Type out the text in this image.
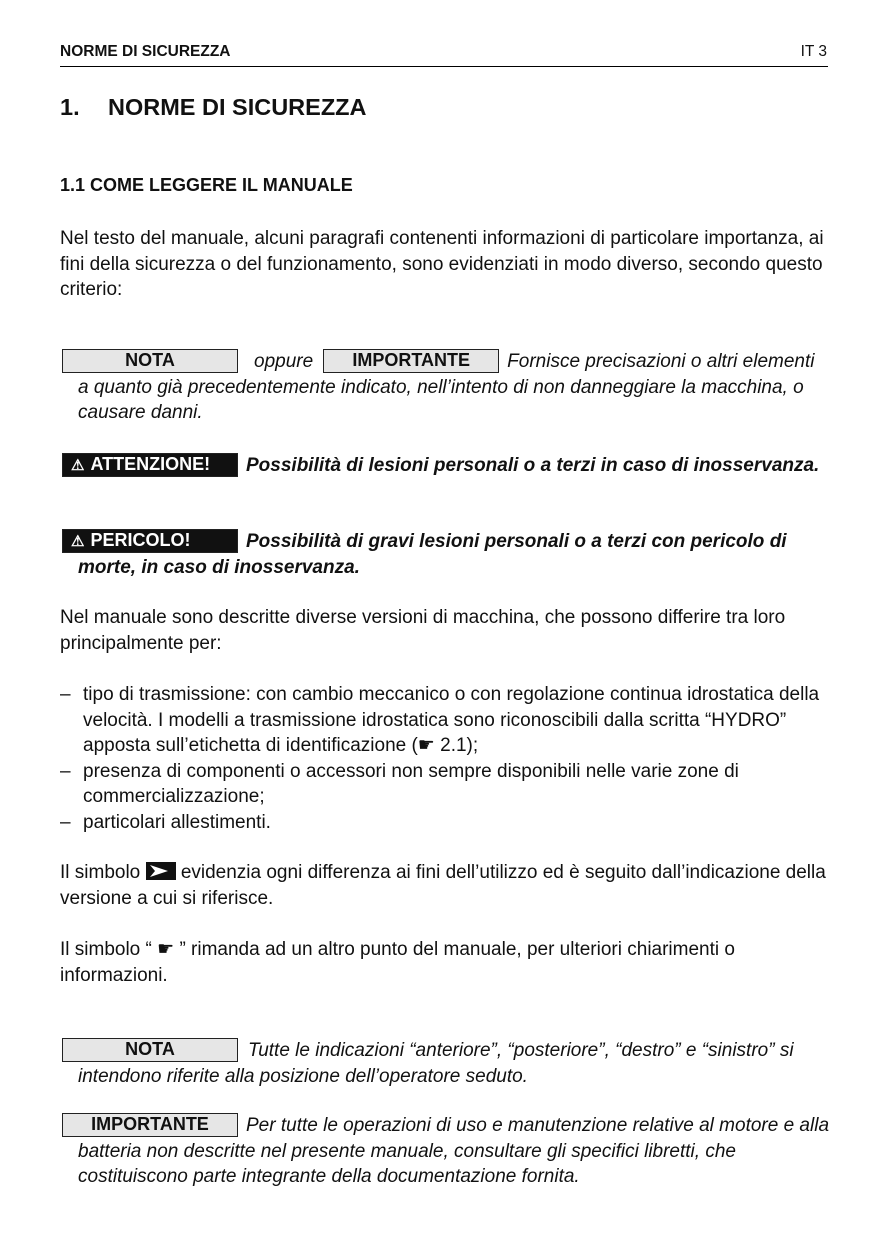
NORME DI SICUREZZA	IT 3
1. NORME DI SICUREZZA
1.1 COME LEGGERE IL MANUALE

Nel testo del manuale, alcuni paragrafi contenenti informazioni di particolare importanza, ai fini della sicurezza o del funzionamento, sono evidenziati in modo diverso, secondo questo criterio:

NOTA	oppure IMPORTANTE Fornisce precisazioni o altri elementi a quanto già precedentemente indicato, nell’intento di non danneggiare la macchina, o causare danni.

⚠ ATTENZIONE! Possibilità di lesioni personali o a terzi in caso di inosservanza.

⚠ PERICOLO!	Possibilità di gravi lesioni personali o a terzi con pericolo di morte, in caso di inosservanza.

Nel manuale sono descritte diverse versioni di macchina, che possono differire tra loro principalmente per:

– tipo di trasmissione: con cambio meccanico o con regolazione continua idrostatica della velocità. I modelli a trasmissione idrostatica sono riconoscibili dalla scritta “HYDRO” apposta sull’etichetta di identificazione (☛ 2.1);
– presenza di componenti o accessori non sempre disponibili nelle varie zone di commercializzazione;
– particolari allestimenti.

Il simbolo evidenzia ogni differenza ai fini dell’utilizzo ed è seguito dall’indicazione della versione a cui si riferisce.

Il simbolo “ ☛ ” rimanda ad un altro punto del manuale, per ulteriori chiarimenti o informazioni.

NOTA	Tutte le indicazioni “anteriore”, “posteriore”, “destro” e “sinistro” si intendono riferite alla posizione dell’operatore seduto.

IMPORTANTE Per tutte le operazioni di uso e manutenzione relative al motore e alla batteria non descritte nel presente manuale, consultare gli specifici libretti, che costituiscono parte integrante della documentazione fornita.
